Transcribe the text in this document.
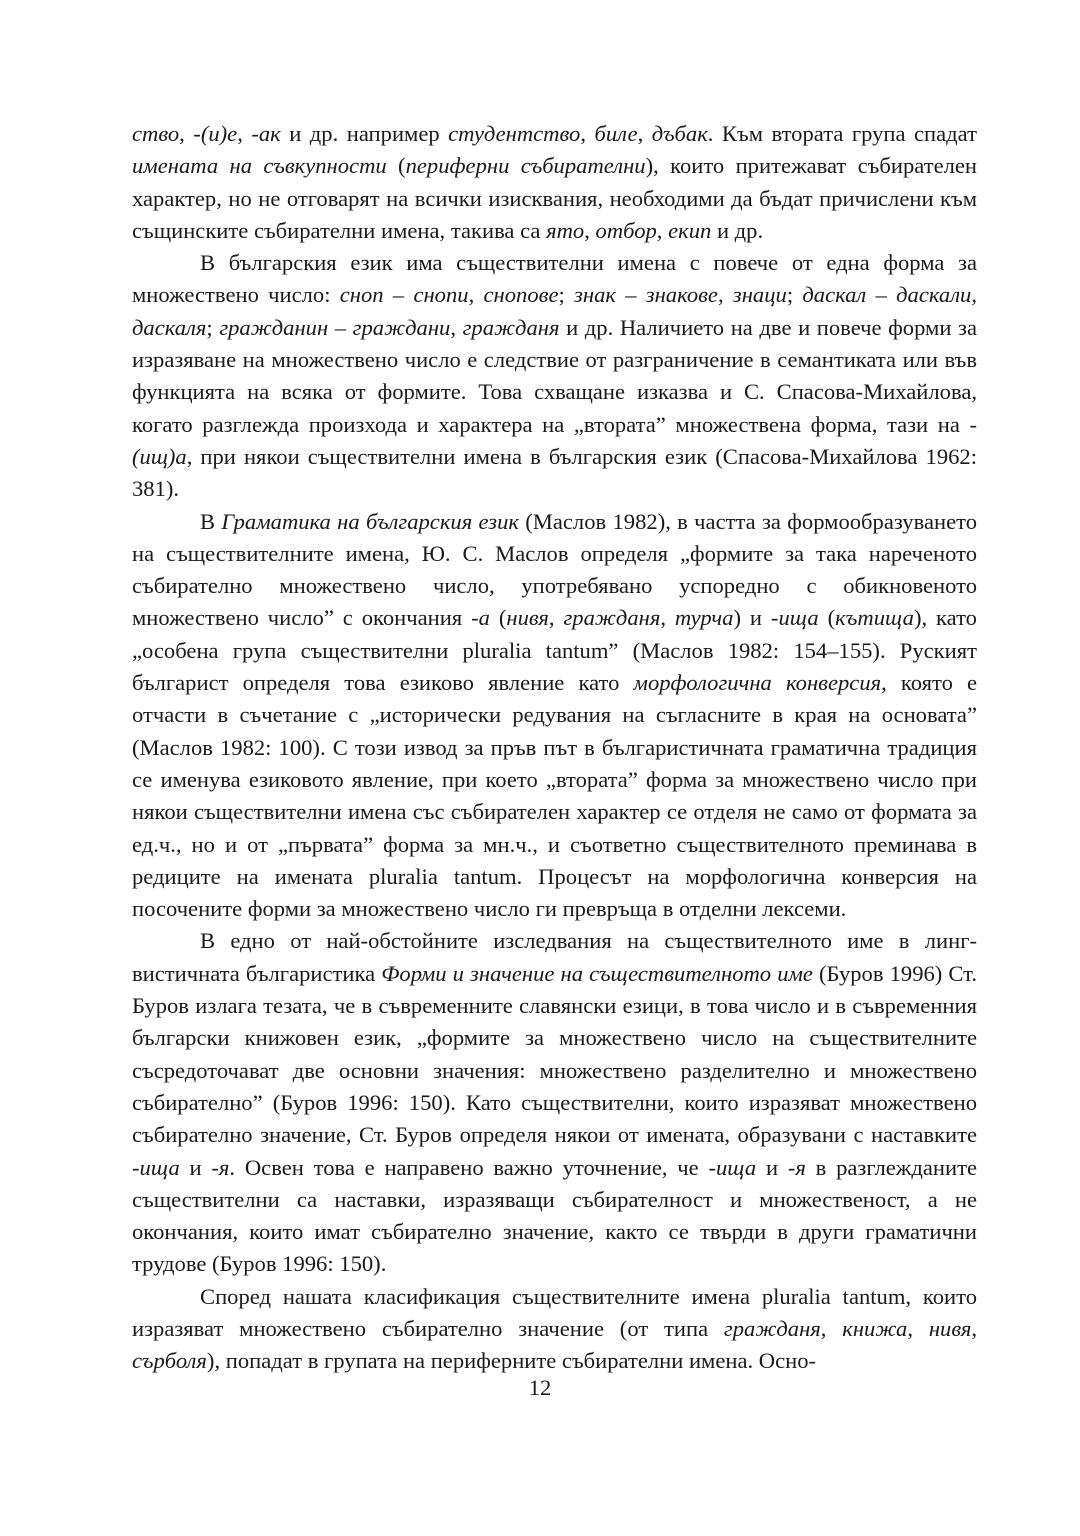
ство, -(и)е, -ак и др. например студентство, биле, дъбак. Към втората група спадат имената на съвкупности (периферни събирателни), които притежават събирателен характер, но не отговарят на всички изисквания, необходими да бъдат причислени към същинските събирателни имена, такива са ято, отбор, екип и др.

В българския език има съществителни имена с повече от една форма за множествено число: сноп – снопи, снопове; знак – знакове, знаци; даскал – даскали, даскаля; гражданин – граждани, гражданя и др. Наличието на две и повече форми за изразяване на множествено число е следствие от разграничение в семантиката или във функцията на всяка от формите. Това схващане изказва и С. Спасова-Михайлова, когато разглежда произхода и характера на „втората” множествена форма, тази на -(ищ)а, при някои съществителни имена в българския език (Спасова-Михайлова 1962: 381).

В Граматика на българския език (Маслов 1982), в частта за формообразуването на съществителните имена, Ю. С. Маслов определя „формите за така нареченото събирателно множествено число, употребявано успоредно с обикновеното множествено число” с окончания -а (нивя, гражданя, турча) и -ища (кътища), като „особена група съществителни pluralia tantum” (Маслов 1982: 154–155). Руският българист определя това езиково явление като морфологична конверсия, която е отчасти в съчетание с „исторически редувания на съгласните в края на основата” (Маслов 1982: 100). С този извод за пръв път в българистичната граматична традиция се именува езиковото явление, при което „втората” форма за множествено число при някои съществителни имена със събирателен характер се отделя не само от формата за ед.ч., но и от „първата” форма за мн.ч., и съответно съществителното преминава в редиците на имената pluralia tantum. Процесът на морфологична конверсия на посочените форми за множествено число ги превръща в отделни лексеми.

В едно от най-обстойните изследвания на съществителното име в лингвистичната българистика Форми и значение на съществителното име (Буров 1996) Ст. Буров излага тезата, че в съвременните славянски езици, в това число и в съвременния български книжовен език, „формите за множествено число на съществителните съсредоточават две основни значения: множествено разделително и множествено събирателно” (Буров 1996: 150). Като съществителни, които изразяват множествено събирателно значение, Ст. Буров определя някои от имената, образувани с наставките -ища и -я. Освен това е направено важно уточнение, че -ища и -я в разглежданите съществителни са наставки, изразяващи събирателност и множественост, а не окончания, които имат събирателно значение, както се твърди в други граматични трудове (Буров 1996: 150).

Според нашата класификация съществителните имена pluralia tantum, които изразяват множествено събирателно значение (от типа гражданя, книжа, нивя, сърболя), попадат в групата на периферните събирателни имена. Осно-

12
